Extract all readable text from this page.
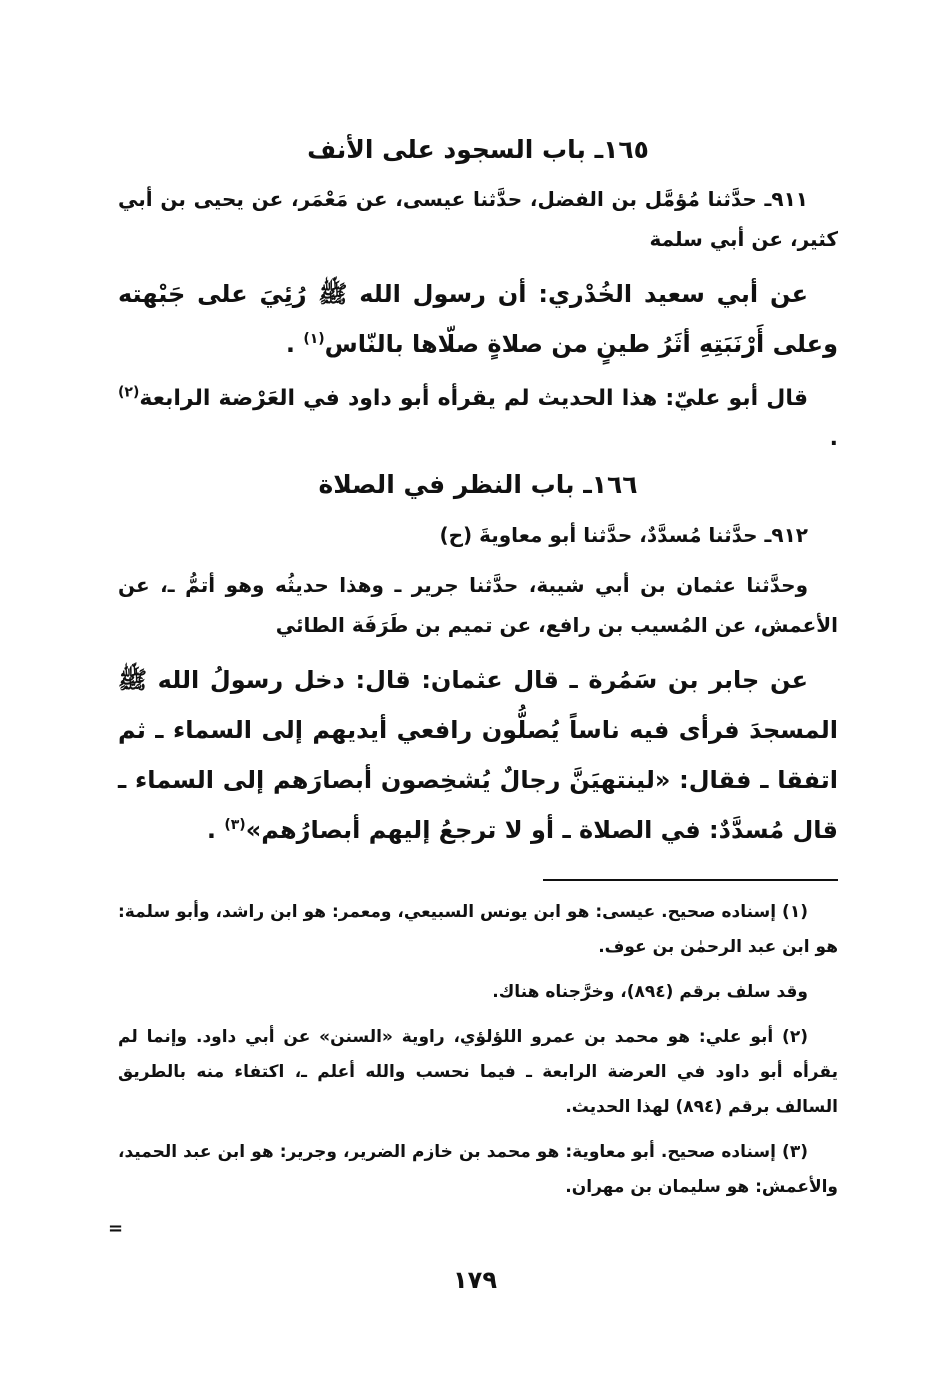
١٦٥ـ باب السجود على الأنف

٩١١ـ حدَّثنا مُؤمَّل بن الفضل، حدَّثنا عيسى، عن مَعْمَر، عن يحيى بن أبي كثير، عن أبي سلمة

عن أبي سعيد الخُدْري: أن رسول الله ﷺ رُئِيَ على جَبْهته وعلى أَرْنَبَتِهِ أثَرُ طينٍ من صلاةٍ صلّاها بالنّاس$^{(١)}$ .

قال أبو عليّ: هذا الحديث لم يقرأه أبو داود في العَرْضة الرابعة$^{(٢)}$ .

١٦٦ـ باب النظر في الصلاة

٩١٢ـ حدَّثنا مُسدَّدٌ، حدَّثنا أبو معاويةَ (ح)

وحدَّثنا عثمان بن أبي شيبة، حدَّثنا جرير ـ وهذا حديثُه وهو أتمُّ ـ، عن الأعمش، عن المُسيب بن رافع، عن تميم بن طَرَفَة الطائي

عن جابر بن سَمُرة ـ قال عثمان: قال: دخل رسولُ الله ﷺ المسجدَ فرأى فيه ناساً يُصلُّون رافعي أيديهم إلى السماء ـ ثم اتفقا ـ فقال: «لينتهيَنَّ رجالٌ يُشخِصون أبصارَهم إلى السماء ـ قال مُسدَّدٌ: في الصلاة ـ أو لا ترجعُ إليهم أبصارُهم»$^{(٣)}$ .

(١) إسناده صحيح. عيسى: هو ابن يونس السبيعي، ومعمر: هو ابن راشد، وأبو سلمة: هو ابن عبد الرحمٰن بن عوف.

وقد سلف برقم (٨٩٤)، وخرَّجناه هناك.

(٢) أبو علي: هو محمد بن عمرو اللؤلؤي، راوية «السنن» عن أبي داود. وإنما لم يقرأه أبو داود في العرضة الرابعة ـ فيما نحسب والله أعلم ـ، اكتفاء منه بالطريق السالف برقم (٨٩٤) لهذا الحديث.

(٣) إسناده صحيح. أبو معاوية: هو محمد بن خازم الضرير، وجرير: هو ابن عبد الحميد، والأعمش: هو سليمان بن مهران.

=
١٧٩
